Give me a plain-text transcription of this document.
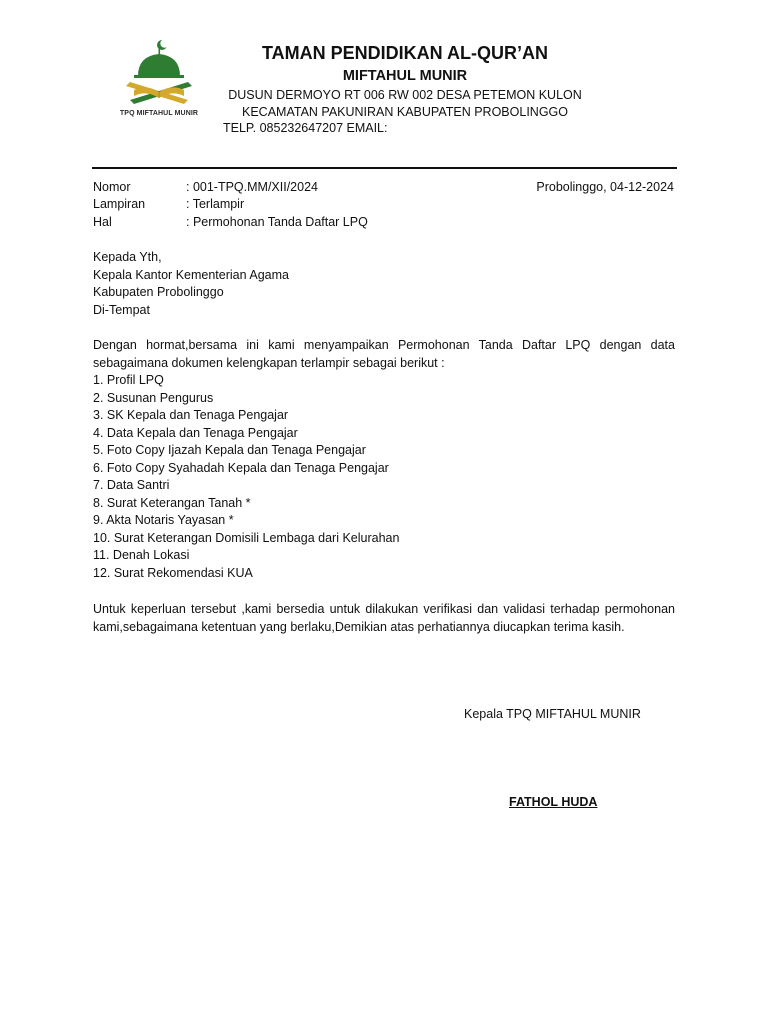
TPQ MIFTAHUL MUNIR
TAMAN PENDIDIKAN AL-QUR’AN
MIFTAHUL MUNIR
DUSUN DERMOYO RT 006 RW 002 DESA PETEMON KULON
KECAMATAN PAKUNIRAN KABUPATEN PROBOLINGGO
TELP. 085232647207 EMAIL:
Nomor	: 001-TPQ.MM/XII/2024
Lampiran	: Terlampir
Hal	: Permohonan Tanda Daftar LPQ
Probolinggo, 04-12-2024
Kepada Yth,
Kepala Kantor Kementerian Agama
Kabupaten Probolinggo
Di-Tempat
Dengan hormat,bersama ini kami menyampaikan Permohonan Tanda Daftar LPQ dengan data sebagaimana dokumen kelengkapan terlampir sebagai berikut :
1. Profil LPQ
2. Susunan Pengurus
3. SK Kepala dan Tenaga Pengajar
4. Data Kepala dan Tenaga Pengajar
5. Foto Copy Ijazah Kepala dan Tenaga Pengajar
6. Foto Copy Syahadah Kepala dan Tenaga Pengajar
7. Data Santri
8. Surat Keterangan Tanah *
9. Akta Notaris Yayasan *
10. Surat Keterangan Domisili Lembaga dari Kelurahan
11. Denah Lokasi
12. Surat Rekomendasi KUA
Untuk keperluan tersebut ,kami bersedia untuk dilakukan verifikasi dan validasi terhadap permohonan kami,sebagaimana ketentuan yang berlaku,Demikian atas perhatiannya diucapkan terima kasih.
Kepala TPQ MIFTAHUL MUNIR
FATHOL HUDA
